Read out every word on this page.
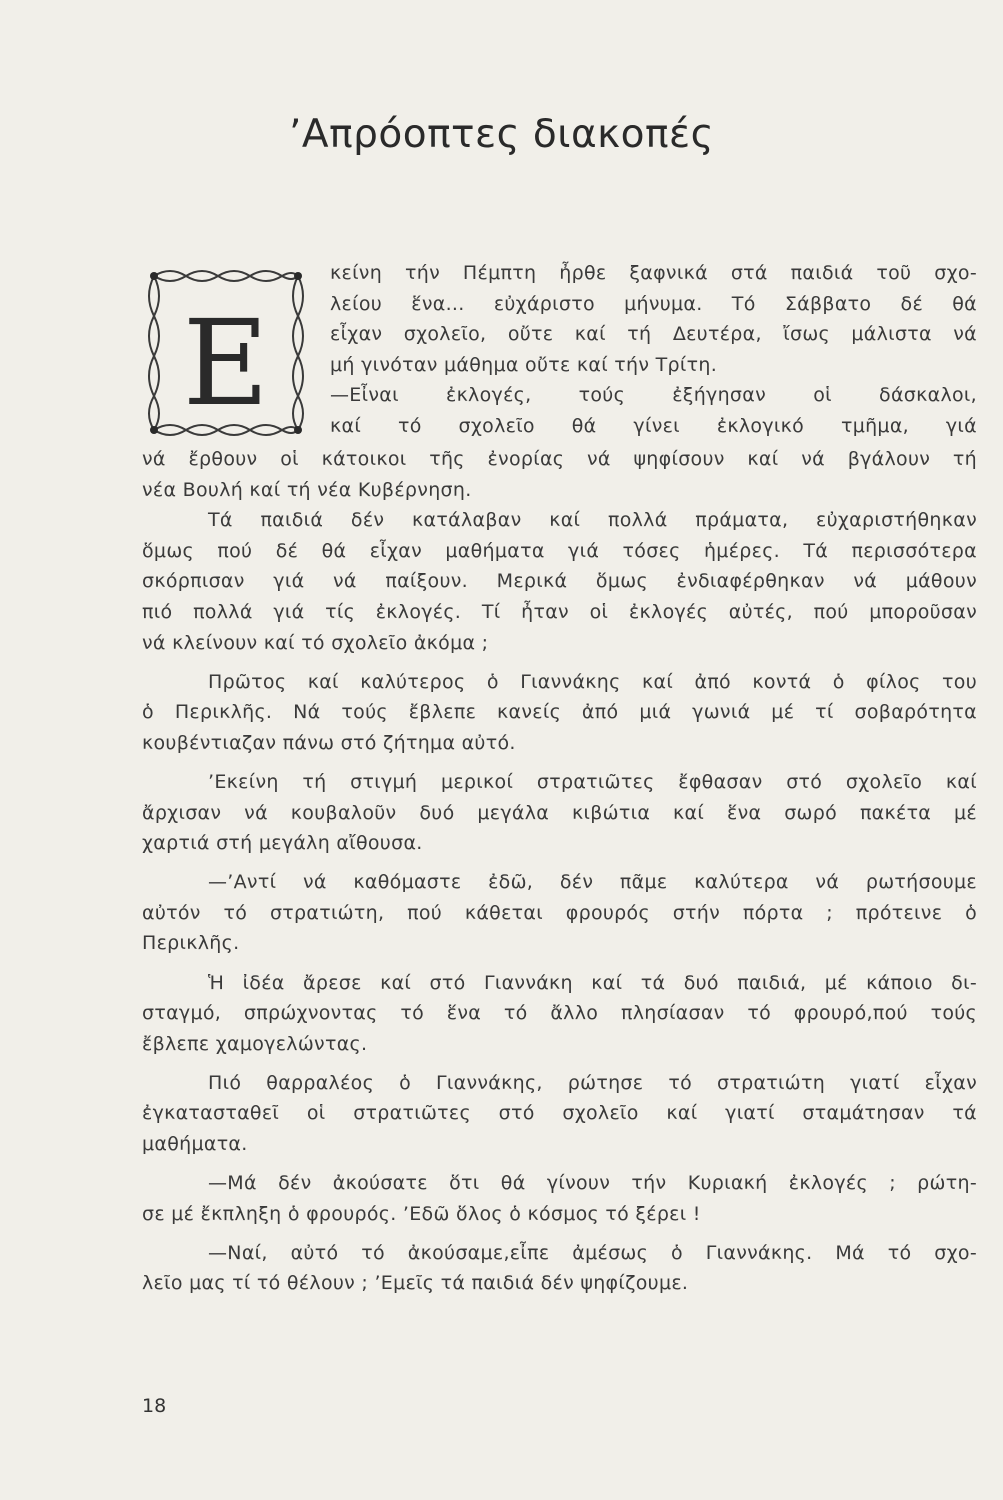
’Απρόοπτες διακοπές
Ε
κείνη τήν Πέμπτη ἦρθε ξαφνικά στά παιδιά τοῦ σχο-
λείου ἕνα... εὐχάριστο μήνυμα. Τό Σάββατο δέ θά
εἶχαν σχολεῖο, οὔτε καί τή Δευτέρα, ἴσως μάλιστα νά
μή γινόταν μάθημα οὔτε καί τήν Τρίτη.
—Εἶναι ἐκλογές, τούς ἐξήγησαν οἱ δάσκαλοι,
καί τό σχολεῖο θά γίνει ἐκλογικό τμῆμα, γιά
νά ἔρθουν οἱ κάτοικοι τῆς ἐνορίας νά ψηφίσουν καί νά βγάλουν τή
νέα Βουλή καί τή νέα Κυβέρνηση.
Τά παιδιά δέν κατάλαβαν καί πολλά πράματα, εὐχαριστήθηκαν
ὅμως πού δέ θά εἶχαν μαθήματα γιά τόσες ἡμέρες. Τά περισσότερα
σκόρπισαν γιά νά παίξουν. Μερικά ὅμως ἐνδιαφέρθηκαν νά μάθουν
πιό πολλά γιά τίς ἐκλογές. Τί ἦταν οἱ ἐκλογές αὐτές, πού μποροῦσαν
νά κλείνουν καί τό σχολεῖο ἀκόμα ;
Πρῶτος καί καλύτερος ὁ Γιαννάκης καί ἀπό κοντά ὁ φίλος του
ὁ Περικλῆς. Νά τούς ἔβλεπε κανείς ἀπό μιά γωνιά μέ τί σοβαρότητα
κουβέντιαζαν πάνω στό ζήτημα αὐτό.
’Εκείνη τή στιγμή μερικοί στρατιῶτες ἔφθασαν στό σχολεῖο καί
ἄρχισαν νά κουβαλοῦν δυό μεγάλα κιβώτια καί ἕνα σωρό πακέτα μέ
χαρτιά στή μεγάλη αἴθουσα.
—’Αντί νά καθόμαστε ἐδῶ, δέν πᾶμε καλύτερα νά ρωτήσουμε
αὐτόν τό στρατιώτη, πού κάθεται φρουρός στήν πόρτα ; πρότεινε ὁ
Περικλῆς.
Ἡ ἰδέα ἄρεσε καί στό Γιαννάκη καί τά δυό παιδιά, μέ κάποιο δι-
σταγμό, σπρώχνοντας τό ἕνα τό ἄλλο πλησίασαν τό φρουρό,πού τούς
ἔβλεπε χαμογελώντας.
Πιό θαρραλέος ὁ Γιαννάκης, ρώτησε τό στρατιώτη γιατί εἶχαν
ἐγκατασταθεῖ οἱ στρατιῶτες στό σχολεῖο καί γιατί σταμάτησαν τά
μαθήματα.
—Μά δέν ἀκούσατε ὅτι θά γίνουν τήν Κυριακή ἐκλογές ; ρώτη-
σε μέ ἔκπληξη ὁ φρουρός. ’Εδῶ ὅλος ὁ κόσμος τό ξέρει !
—Ναί, αὐτό τό ἀκούσαμε,εἶπε ἀμέσως ὁ Γιαννάκης. Μά τό σχο-
λεῖο μας τί τό θέλουν ; ’Εμεῖς τά παιδιά δέν ψηφίζουμε.
18
